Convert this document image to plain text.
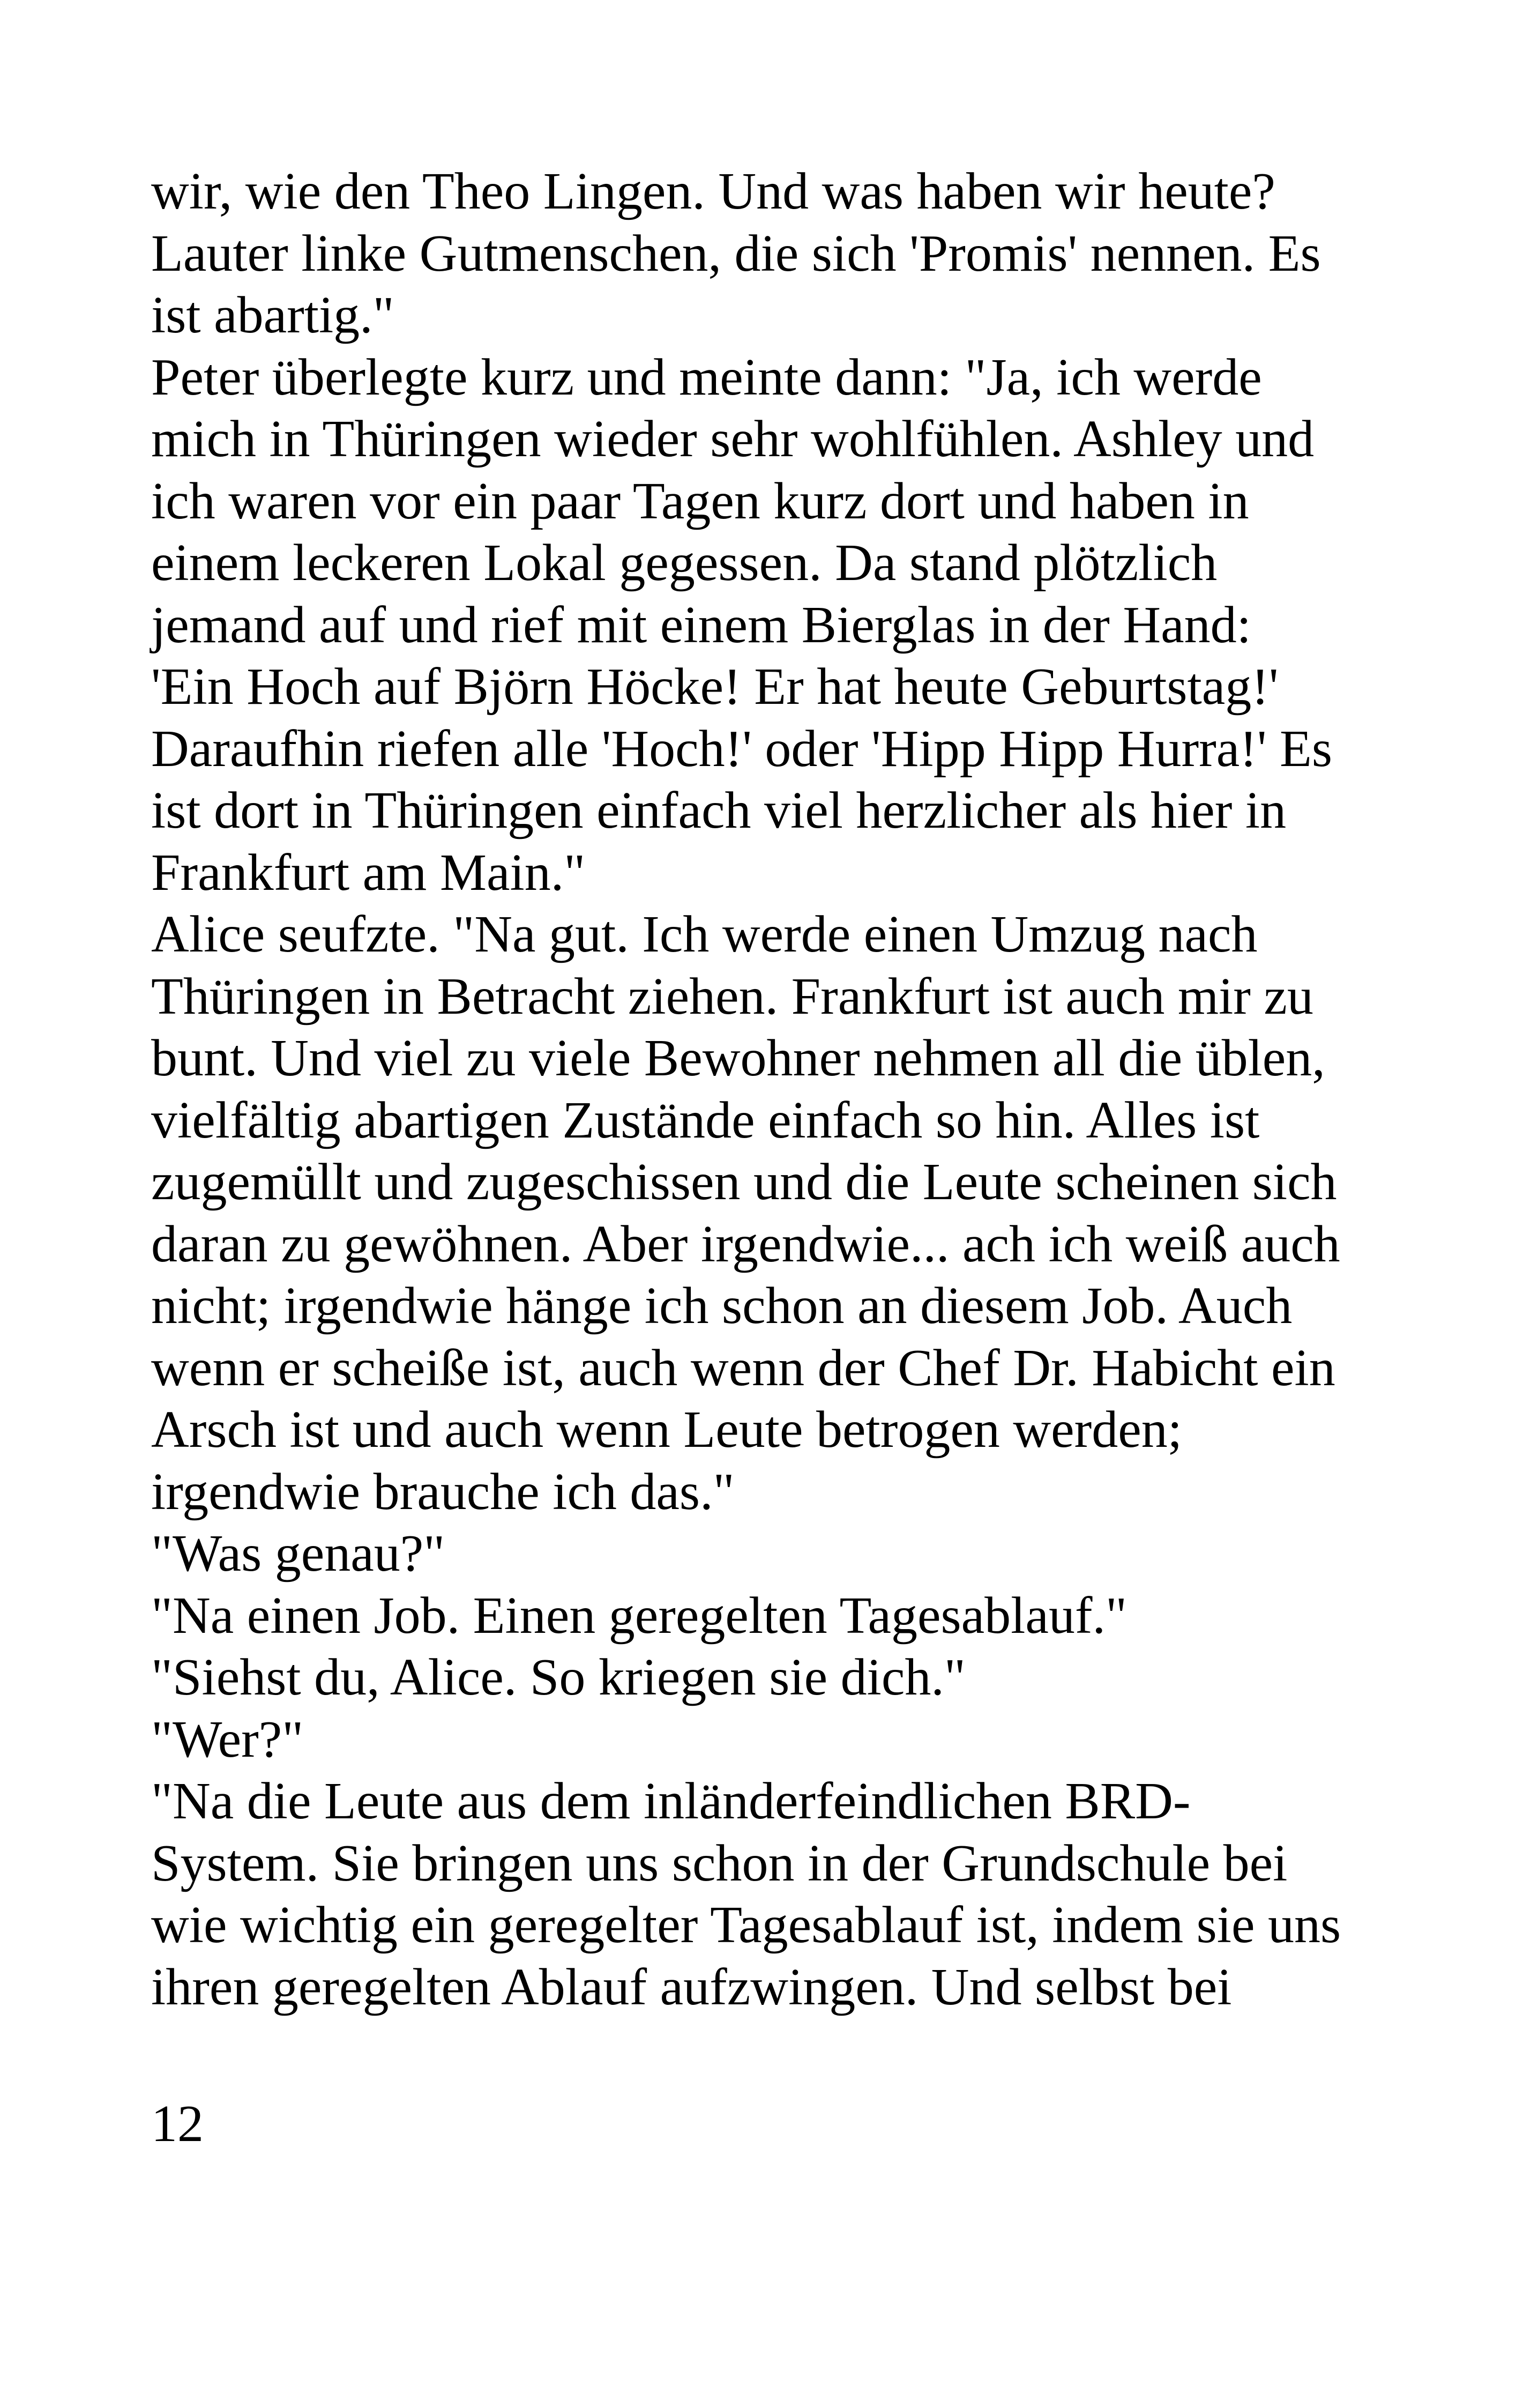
wir, wie den Theo Lingen. Und was haben wir heute?
Lauter linke Gutmenschen, die sich 'Promis' nennen. Es
ist abartig."
Peter überlegte kurz und meinte dann: "Ja, ich werde
mich in Thüringen wieder sehr wohlfühlen. Ashley und
ich waren vor ein paar Tagen kurz dort und haben in
einem leckeren Lokal gegessen. Da stand plötzlich
jemand auf und rief mit einem Bierglas in der Hand:
'Ein Hoch auf Björn Höcke! Er hat heute Geburtstag!'
Daraufhin riefen alle 'Hoch!' oder 'Hipp Hipp Hurra!' Es
ist dort in Thüringen einfach viel herzlicher als hier in
Frankfurt am Main."
Alice seufzte. "Na gut. Ich werde einen Umzug nach
Thüringen in Betracht ziehen. Frankfurt ist auch mir zu
bunt. Und viel zu viele Bewohner nehmen all die üblen,
vielfältig abartigen Zustände einfach so hin. Alles ist
zugemüllt und zugeschissen und die Leute scheinen sich
daran zu gewöhnen. Aber irgendwie... ach ich weiß auch
nicht; irgendwie hänge ich schon an diesem Job. Auch
wenn er scheiße ist, auch wenn der Chef Dr. Habicht ein
Arsch ist und auch wenn Leute betrogen werden;
irgendwie brauche ich das."
"Was genau?"
"Na einen Job. Einen geregelten Tagesablauf."
"Siehst du, Alice. So kriegen sie dich."
"Wer?"
"Na die Leute aus dem inländerfeindlichen BRD-
System. Sie bringen uns schon in der Grundschule bei
wie wichtig ein geregelter Tagesablauf ist, indem sie uns
ihren geregelten Ablauf aufzwingen. Und selbst bei
12
